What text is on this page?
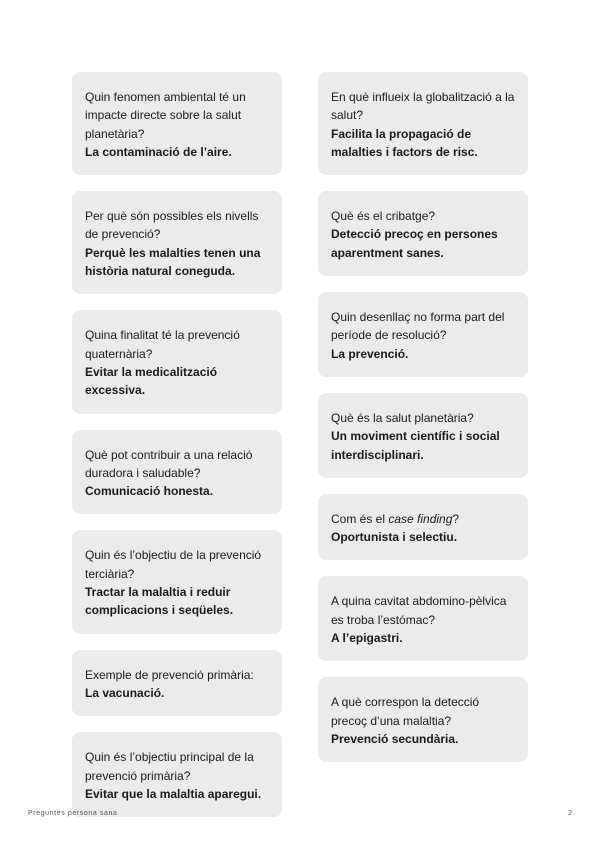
Quin fenomen ambiental té un impacte directe sobre la salut planetària?
La contaminació de l’aire.
Per què són possibles els nivells de prevenció?
Perquè les malalties tenen una història natural coneguda.
Quina finalitat té la prevenció quaternària?
Evitar la medicalització excessiva.
Què pot contribuir a una relació duradora i saludable?
Comunicació honesta.
Quin és l’objectiu de la prevenció terciària?
Tractar la malaltia i reduir complicacions i seqüeles.
Exemple de prevenció primària:
La vacunació.
Quin és l’objectiu principal de la prevenció primària?
Evitar que la malaltia aparegui.
En què influeix la globalització a la salut?
Facilita la propagació de malalties i factors de risc.
Què és el cribatge?
Detecció precoç en persones aparentment sanes.
Quin desenllaç no forma part del període de resolució?
La prevenció.
Què és la salut planetària?
Un moviment científic i social interdisciplinari.
Com és el case finding?
Oportunista i selectiu.
A quina cavitat abdomino-pèlvica es troba l’estómac?
A l’epigastri.
A què correspon la detecció precoç d’una malaltia?
Prevenció secundària.
Preguntes persona sana	2
